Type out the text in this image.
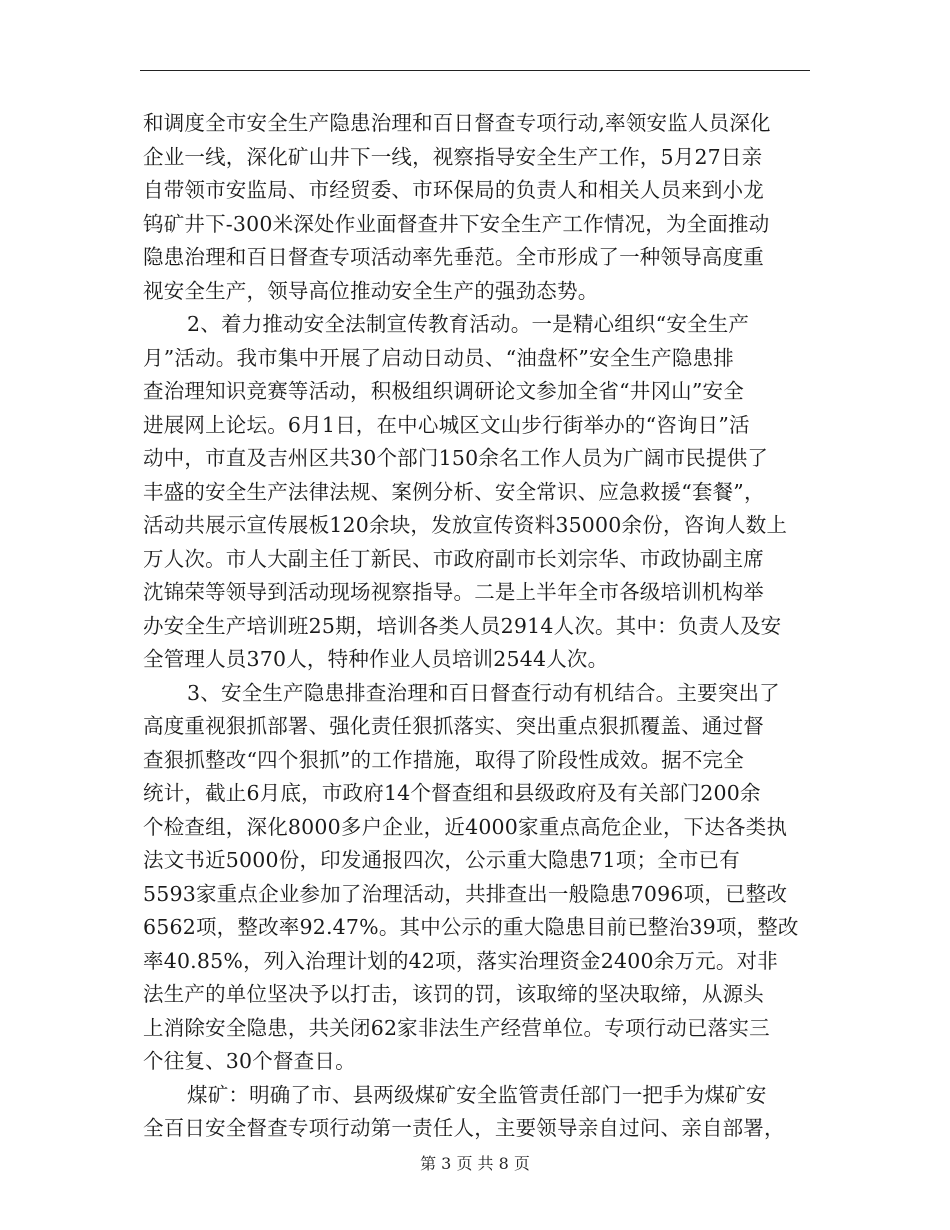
和调度全市安全生产隐患治理和百日督查专项行动,率领安监人员深化
企业一线，深化矿山井下一线，视察指导安全生产工作，5月27日亲
自带领市安监局、市经贸委、市环保局的负责人和相关人员来到小龙
钨矿井下-300米深处作业面督查井下安全生产工作情况，为全面推动
隐患治理和百日督查专项活动率先垂范。全市形成了一种领导高度重
视安全生产，领导高位推动安全生产的强劲态势。
2、着力推动安全法制宣传教育活动。一是精心组织“安全生产
月”活动。我市集中开展了启动日动员、“油盘杯”安全生产隐患排
查治理知识竞赛等活动，积极组织调研论文参加全省“井冈山”安全
进展网上论坛。6月1日，在中心城区文山步行街举办的“咨询日”活
动中，市直及吉州区共30个部门150余名工作人员为广阔市民提供了
丰盛的安全生产法律法规、案例分析、安全常识、应急救援“套餐”，
活动共展示宣传展板120余块，发放宣传资料35000余份，咨询人数上
万人次。市人大副主任丁新民、市政府副市长刘宗华、市政协副主席
沈锦荣等领导到活动现场视察指导。二是上半年全市各级培训机构举
办安全生产培训班25期，培训各类人员2914人次。其中：负责人及安
全管理人员370人，特种作业人员培训2544人次。
3、安全生产隐患排查治理和百日督查行动有机结合。主要突出了
高度重视狠抓部署、强化责任狠抓落实、突出重点狠抓覆盖、通过督
查狠抓整改“四个狠抓”的工作措施，取得了阶段性成效。据不完全
统计，截止6月底，市政府14个督查组和县级政府及有关部门200余
个检查组，深化8000多户企业，近4000家重点高危企业，下达各类执
法文书近5000份，印发通报四次，公示重大隐患71项；全市已有
5593家重点企业参加了治理活动，共排查出一般隐患7096项，已整改
6562项，整改率92.47%。其中公示的重大隐患目前已整治39项，整改
率40.85%，列入治理计划的42项，落实治理资金2400余万元。对非
法生产的单位坚决予以打击，该罚的罚，该取缔的坚决取缔，从源头
上消除安全隐患，共关闭62家非法生产经营单位。专项行动已落实三
个往复、30个督查日。
煤矿：明确了市、县两级煤矿安全监管责任部门一把手为煤矿安
全百日安全督查专项行动第一责任人，主要领导亲自过问、亲自部署，
第 3 页 共 8 页
